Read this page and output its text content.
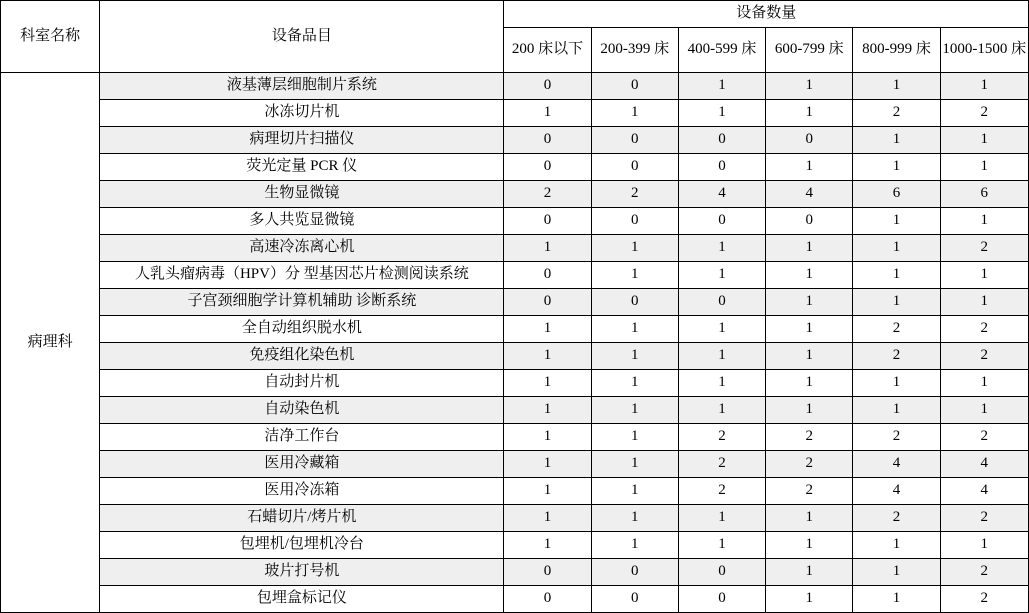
科室名称	设备品目	设备数量					
		200 床以下	200-399 床	400-599 床	600-799 床	800-999 床	1000-1500 床
病理科	液基薄层细胞制片系统	0	0	1	1	1	1
	冰冻切片机	1	1	1	1	2	2
	病理切片扫描仪	0	0	0	0	1	1
	荧光定量 PCR 仪	0	0	0	1	1	1
	生物显微镜	2	2	4	4	6	6
	多人共览显微镜	0	0	0	0	1	1
	高速冷冻离心机	1	1	1	1	1	2
	人乳头瘤病毒（HPV）分 型基因芯片检测阅读系统	0	1	1	1	1	1
	子宫颈细胞学计算机辅助 诊断系统	0	0	0	1	1	1
	全自动组织脱水机	1	1	1	1	2	2
	免疫组化染色机	1	1	1	1	2	2
	自动封片机	1	1	1	1	1	1
	自动染色机	1	1	1	1	1	1
	洁净工作台	1	1	2	2	2	2
	医用冷藏箱	1	1	2	2	4	4
	医用冷冻箱	1	1	2	2	4	4
	石蜡切片/烤片机	1	1	1	1	2	2
	包埋机/包埋机冷台	1	1	1	1	1	1
	玻片打号机	0	0	0	1	1	2
	包埋盒标记仪	0	0	0	1	1	2
